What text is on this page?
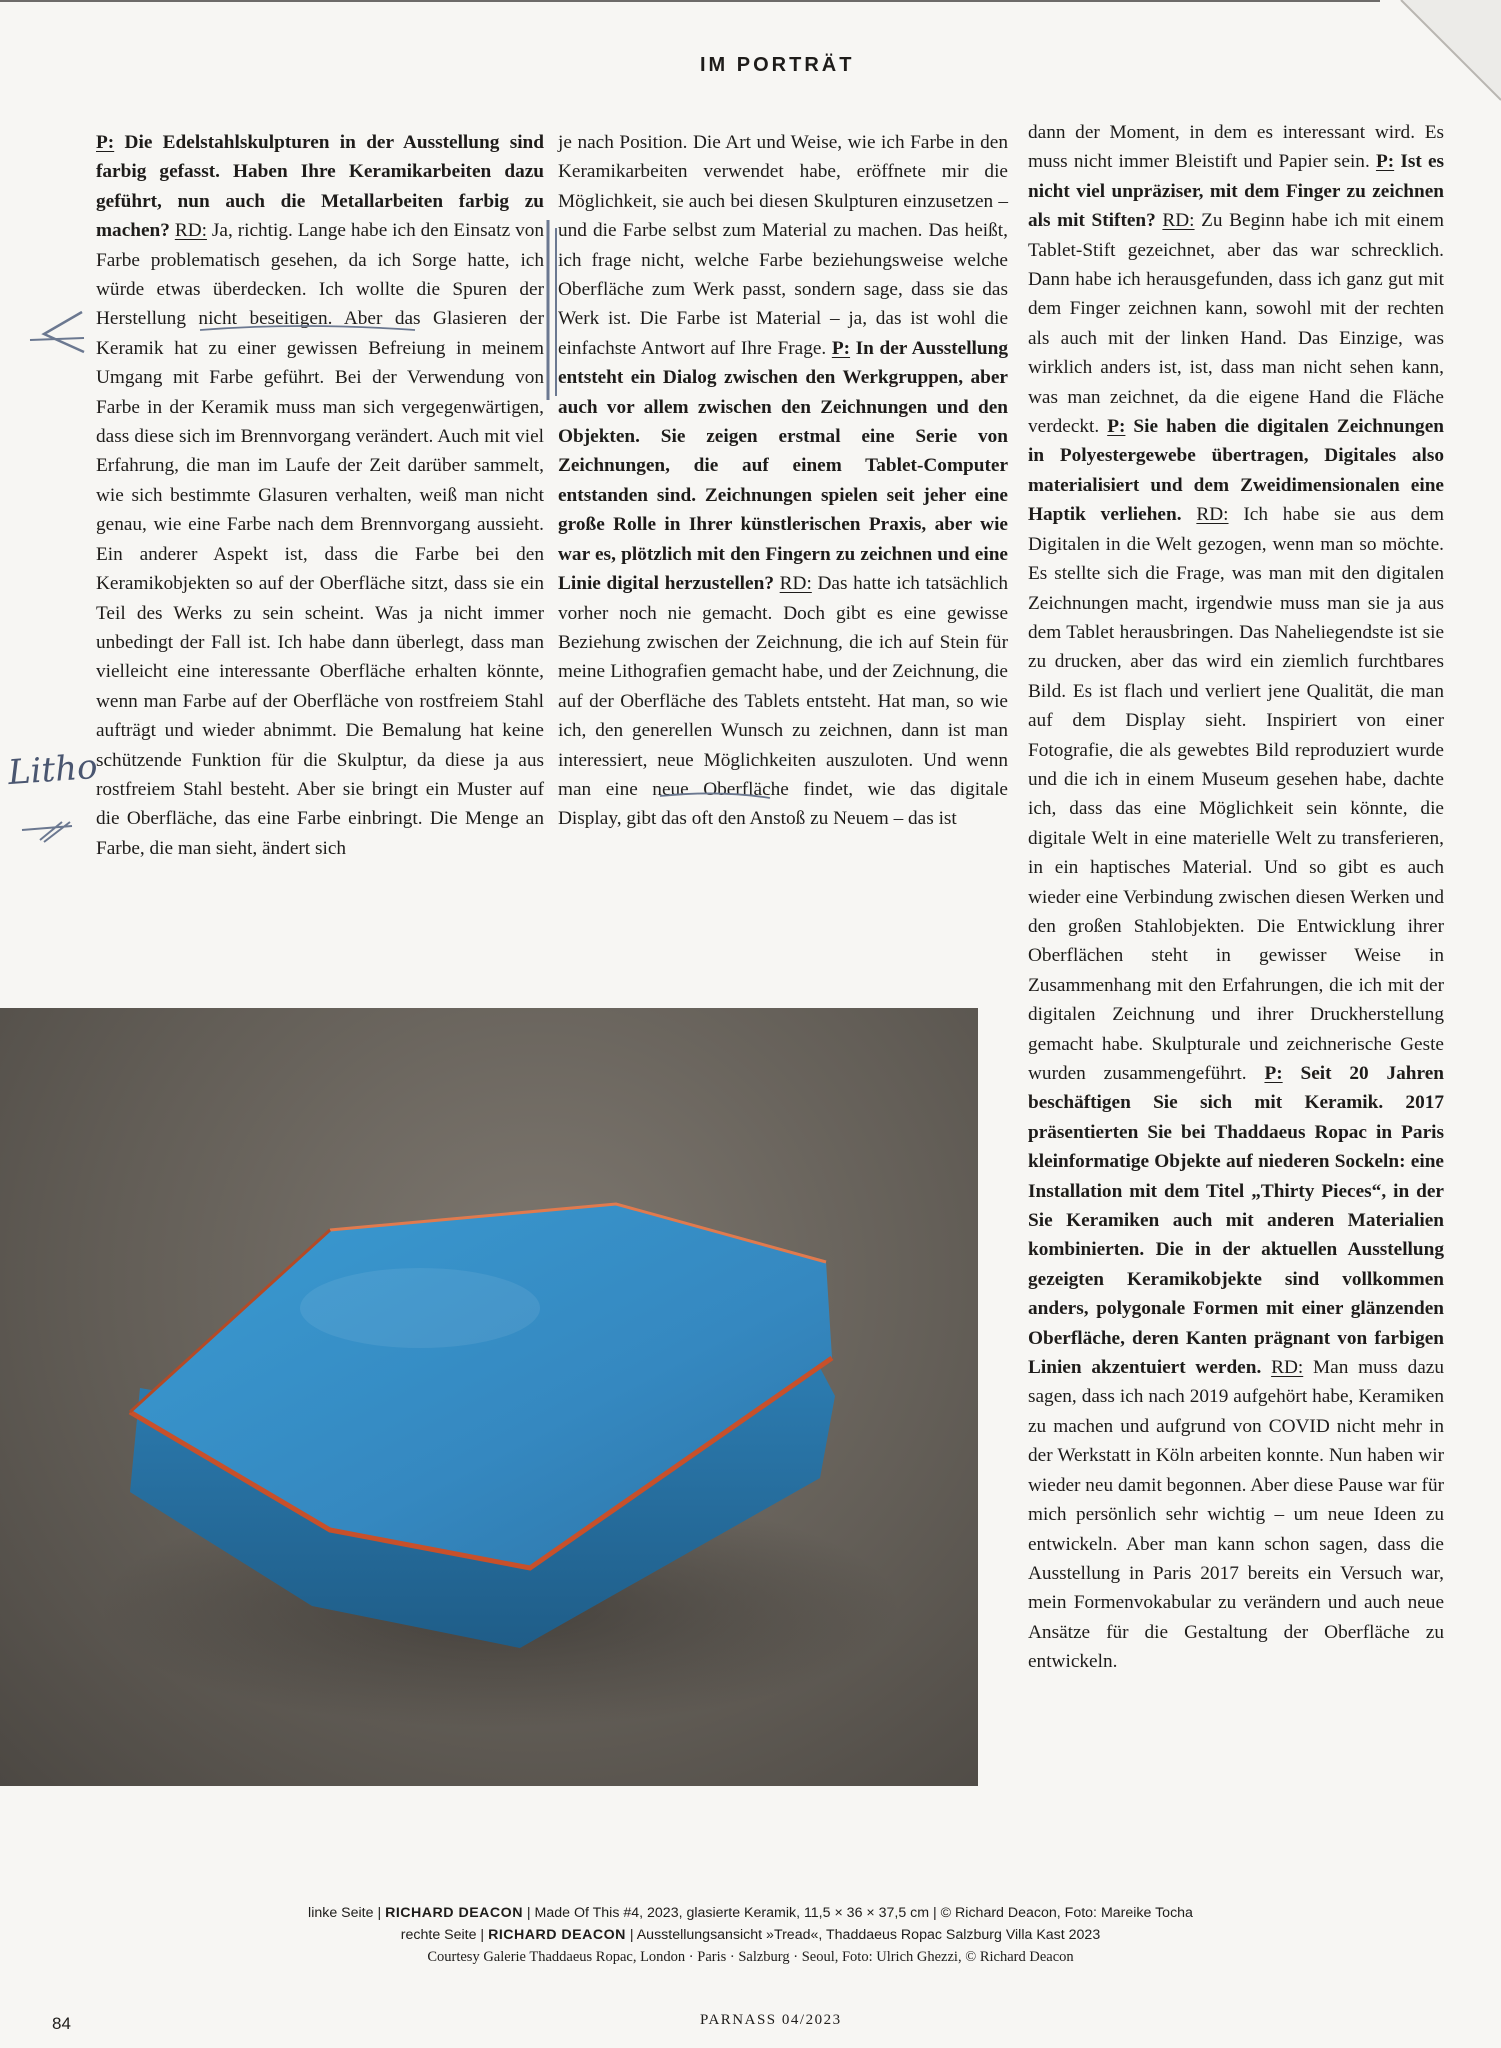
IM PORTRÄT

P: Die Edelstahlskulpturen in der Ausstellung sind farbig gefasst. Haben Ihre Keramikarbeiten dazu geführt, nun auch die Metallarbeiten farbig zu machen? RD: Ja, richtig. Lange habe ich den Einsatz von Farbe problematisch gesehen, da ich Sorge hatte, ich würde etwas überdecken. Ich wollte die Spuren der Herstellung nicht beseitigen. Aber das Glasieren der Keramik hat zu einer gewissen Befreiung in meinem Umgang mit Farbe geführt. Bei der Verwendung von Farbe in der Keramik muss man sich vergegenwärtigen, dass diese sich im Brennvorgang verändert. Auch mit viel Erfahrung, die man im Laufe der Zeit darüber sammelt, wie sich bestimmte Glasuren verhalten, weiß man nicht genau, wie eine Farbe nach dem Brennvorgang aussieht. Ein anderer Aspekt ist, dass die Farbe bei den Keramikobjekten so auf der Oberfläche sitzt, dass sie ein Teil des Werks zu sein scheint. Was ja nicht immer unbedingt der Fall ist. Ich habe dann überlegt, dass man vielleicht eine interessante Oberfläche erhalten könnte, wenn man Farbe auf der Oberfläche von rostfreiem Stahl aufträgt und wieder abnimmt. Die Bemalung hat keine schützende Funktion für die Skulptur, da diese ja aus rostfreiem Stahl besteht. Aber sie bringt ein Muster auf die Oberfläche, das eine Farbe einbringt. Die Menge an Farbe, die man sieht, ändert sich

je nach Position. Die Art und Weise, wie ich Farbe in den Keramikarbeiten verwendet habe, eröffnete mir die Möglichkeit, sie auch bei diesen Skulpturen einzusetzen – und die Farbe selbst zum Material zu machen. Das heißt, ich frage nicht, welche Farbe beziehungsweise welche Oberfläche zum Werk passt, sondern sage, dass sie das Werk ist. Die Farbe ist Material – ja, das ist wohl die einfachste Antwort auf Ihre Frage. P: In der Ausstellung entsteht ein Dialog zwischen den Werkgruppen, aber auch vor allem zwischen den Zeichnungen und den Objekten. Sie zeigen erstmal eine Serie von Zeichnungen, die auf einem Tablet-Computer entstanden sind. Zeichnungen spielen seit jeher eine große Rolle in Ihrer künstlerischen Praxis, aber wie war es, plötzlich mit den Fingern zu zeichnen und eine Linie digital herzustellen? RD: Das hatte ich tatsächlich vorher noch nie gemacht. Doch gibt es eine gewisse Beziehung zwischen der Zeichnung, die ich auf Stein für meine Lithografien gemacht habe, und der Zeichnung, die auf der Oberfläche des Tablets entsteht. Hat man, so wie ich, den generellen Wunsch zu zeichnen, dann ist man interessiert, neue Möglichkeiten auszuloten. Und wenn man eine neue Oberfläche findet, wie das digitale Display, gibt das oft den Anstoß zu Neuem – das ist

dann der Moment, in dem es interessant wird. Es muss nicht immer Bleistift und Papier sein. P: Ist es nicht viel unpräziser, mit dem Finger zu zeichnen als mit Stiften? RD: Zu Beginn habe ich mit einem Tablet-Stift gezeichnet, aber das war schrecklich. Dann habe ich herausgefunden, dass ich ganz gut mit dem Finger zeichnen kann, sowohl mit der rechten als auch mit der linken Hand. Das Einzige, was wirklich anders ist, ist, dass man nicht sehen kann, was man zeichnet, da die eigene Hand die Fläche verdeckt. P: Sie haben die digitalen Zeichnungen in Polyestergewebe übertragen, Digitales also materialisiert und dem Zweidimensionalen eine Haptik verliehen. RD: Ich habe sie aus dem Digitalen in die Welt gezogen, wenn man so möchte. Es stellte sich die Frage, was man mit den digitalen Zeichnungen macht, irgendwie muss man sie ja aus dem Tablet herausbringen. Das Naheliegendste ist sie zu drucken, aber das wird ein ziemlich furchtbares Bild. Es ist flach und verliert jene Qualität, die man auf dem Display sieht. Inspiriert von einer Fotografie, die als gewebtes Bild reproduziert wurde und die ich in einem Museum gesehen habe, dachte ich, dass das eine Möglichkeit sein könnte, die digitale Welt in eine materielle Welt zu transferieren, in ein haptisches Material. Und so gibt es auch wieder eine Verbindung zwischen diesen Werken und den großen Stahlobjekten. Die Entwicklung ihrer Oberflächen steht in gewisser Weise in Zusammenhang mit den Erfahrungen, die ich mit der digitalen Zeichnung und ihrer Druckherstellung gemacht habe. Skulpturale und zeichnerische Geste wurden zusammengeführt. P: Seit 20 Jahren beschäftigen Sie sich mit Keramik. 2017 präsentierten Sie bei Thaddaeus Ropac in Paris kleinformatige Objekte auf niederen Sockeln: eine Installation mit dem Titel „Thirty Pieces“, in der Sie Keramiken auch mit anderen Materialien kombinierten. Die in der aktuellen Ausstellung gezeigten Keramikobjekte sind vollkommen anders, polygonale Formen mit einer glänzenden Oberfläche, deren Kanten prägnant von farbigen Linien akzentuiert werden. RD: Man muss dazu sagen, dass ich nach 2019 aufgehört habe, Keramiken zu machen und aufgrund von COVID nicht mehr in der Werkstatt in Köln arbeiten konnte. Nun haben wir wieder neu damit begonnen. Aber diese Pause war für mich persönlich sehr wichtig – um neue Ideen zu entwickeln. Aber man kann schon sagen, dass die Ausstellung in Paris 2017 bereits ein Versuch war, mein Formenvokabular zu verändern und auch neue Ansätze für die Gestaltung der Oberfläche zu entwickeln.

Litho
linke Seite | RICHARD DEACON | Made Of This #4, 2023, glasierte Keramik, 11,5 × 36 × 37,5 cm | © Richard Deacon, Foto: Mareike Tocha
rechte Seite | RICHARD DEACON | Ausstellungsansicht »Tread«, Thaddaeus Ropac Salzburg Villa Kast 2023
Courtesy Galerie Thaddaeus Ropac, London · Paris · Salzburg · Seoul, Foto: Ulrich Ghezzi, © Richard Deacon
84	PARNASS 04/2023
